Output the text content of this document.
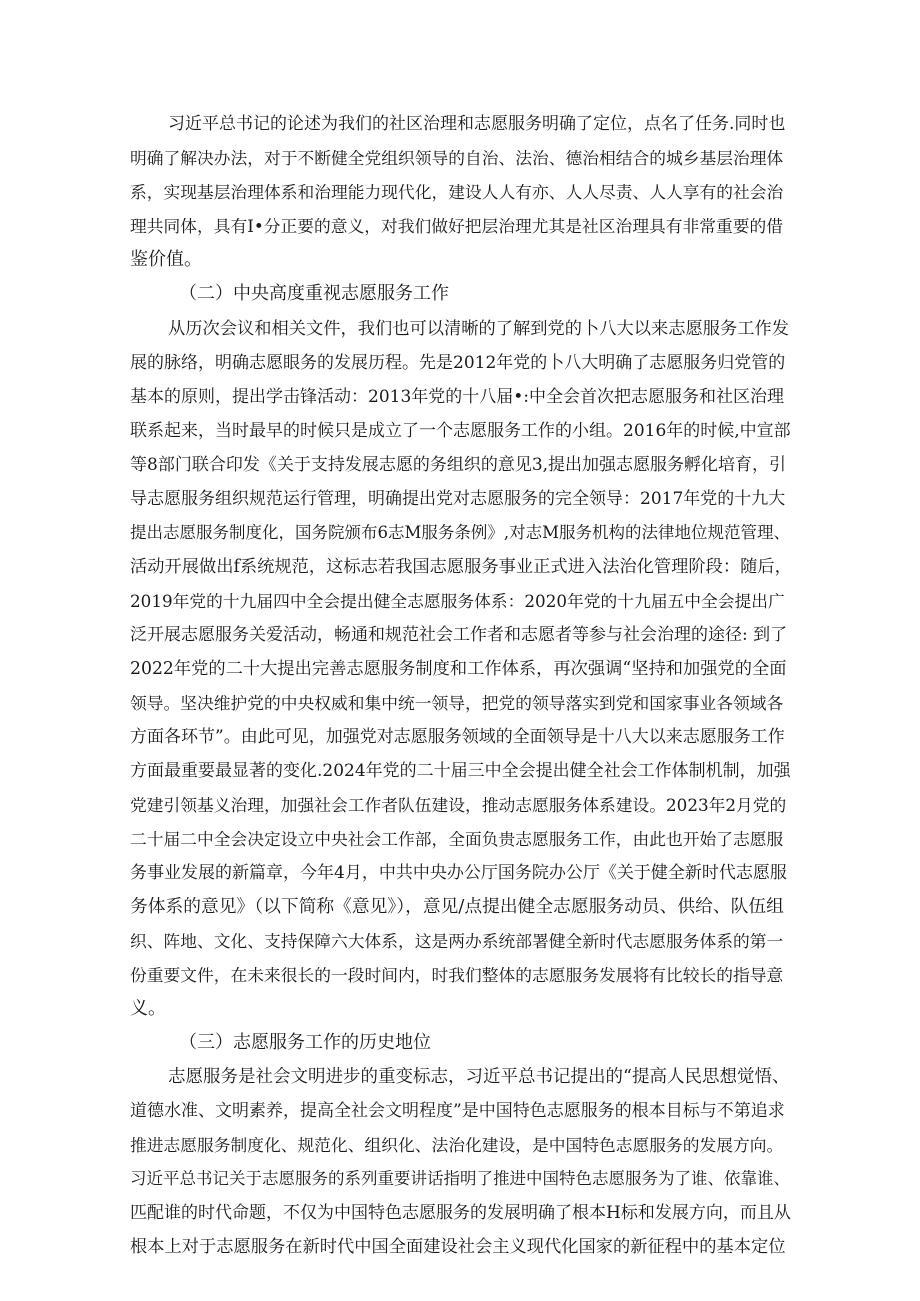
习近平总书记的论述为我们的社区治理和志愿服务明确了定位，点名了任务.同时也
明确了解决办法，对于不断健全党组织领导的自治、法治、德治相结合的城乡基层治理体
系，实现基层治理体系和治理能力现代化，建设人人有亦、人人尽责、人人享有的社会治
理共同体，具有I•分正要的意义，对我们做好把层治理尤其是社区治理具有非常重要的借
鉴价值。
（二）中央高度重视志愿服务工作
从历次会议和相关文件，我们也可以清晰的了解到党的卜八大以来志愿服务工作发
展的脉络，明确志愿眼务的发展历程。先是2012年党的卜八大明确了志愿服务归党管的
基本的原则，提出学击锋活动：2013年党的十八届•:中全会首次把志愿服务和社区治理
联系起来，当时最早的时候只是成立了一个志愿服务工作的小组。2016年的时候,中宣部
等8部门联合印发《关于支持发展志愿的务组织的意见3,提出加强志愿服务孵化培育，引
导志愿服务组织规范运行管理，明确提出党对志愿服务的完全领导：2017年党的十九大
提出志愿服务制度化，国务院颁布6志M服务条例》,对志M服务机构的法律地位规范管理、
活动开展做出f系统规范，这标志若我国志愿服务事业正式进入法治化管理阶段：随后，
2019年党的十九届四中全会提出健全志愿服务体系：2020年党的十九届五中全会提出广
泛开展志愿服务关爱活动，畅通和规范社会工作者和志愿者等参与社会治理的途径: 到了
2022年党的二十大提出完善志愿服务制度和工作体系，再次强调“坚持和加强党的全面
领导。坚决维护党的中央权威和集中统一领导，把党的领导落实到党和国家事业各领域各
方面各环节”。由此可见，加强党对志愿服务领域的全面领导是十八大以来志愿服务工作
方面最重要最显著的变化.2024年党的二十届三中全会提出健全社会工作体制机制，加强
党建引领基义治理，加强社会工作者队伍建设，推动志愿服务体系建设。2023年2月党的
二十届二中全会决定设立中央社会工作部，全面负贵志愿服务工作，由此也开始了志愿服
务事业发展的新篇章，今年4月，中共中央办公厅国务院办公厅《关于健全新时代志愿服
务体系的意见》（以下简称《意见》），意见/点提出健全志愿服务动员、供给、队伍组
织、阵地、文化、支持保障六大体系，这是两办系统部署健全新时代志愿服务体系的第一
份重要文件，在未来很长的一段时间内，时我们整体的志愿服务发展将有比较长的指导意
义。
（三）志愿服务工作的历史地位
志愿服务是社会文明进步的重变标志，习近平总书记提出的“提高人民思想觉悟、
道德水准、文明素养，提高全社会文明程度”是中国特色志愿服务的根本目标与不第追求
推进志愿服务制度化、规范化、组织化、法治化建设，是中国特色志愿服务的发展方向。
习近平总书记关于志愿服务的系列重要讲话指明了推进中国特色志愿服务为了谁、依靠谁、
匹配谁的时代命题，不仅为中国特色志愿服务的发展明确了根本H标和发展方向，而且从
根本上对于志愿服务在新时代中国全面建设社会主义现代化国家的新征程中的基本定位
